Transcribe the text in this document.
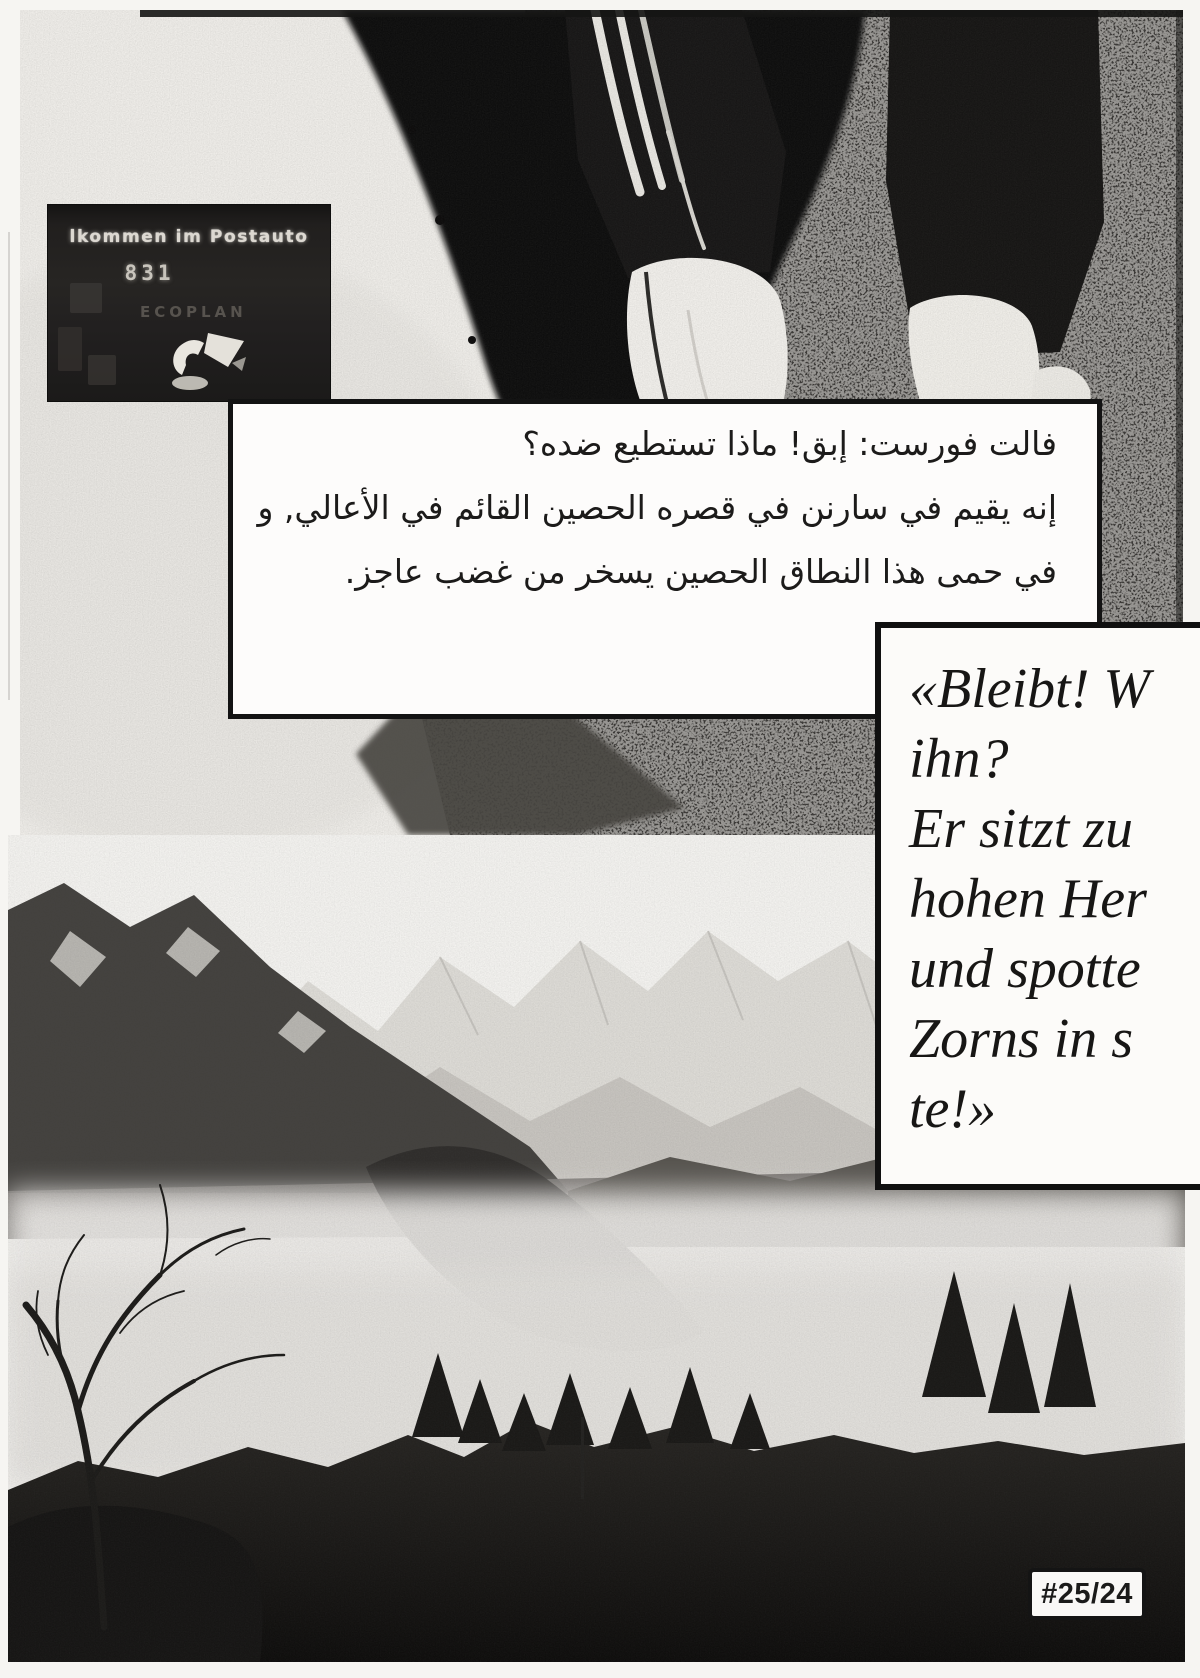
lkommen im Postauto
831
ECOPLAN
فالت فورست: إبق! ماذا تستطيع ضده؟
إنه يقيم في سارنن في قصره الحصين القائم في الأعالي, و
في حمى هذا النطاق الحصين يسخر من غضب عاجز.
«Bleibt! W
ihn?
Er sitzt zu
hohen Her
und spotte
Zorns in s
te!»
#25/24
